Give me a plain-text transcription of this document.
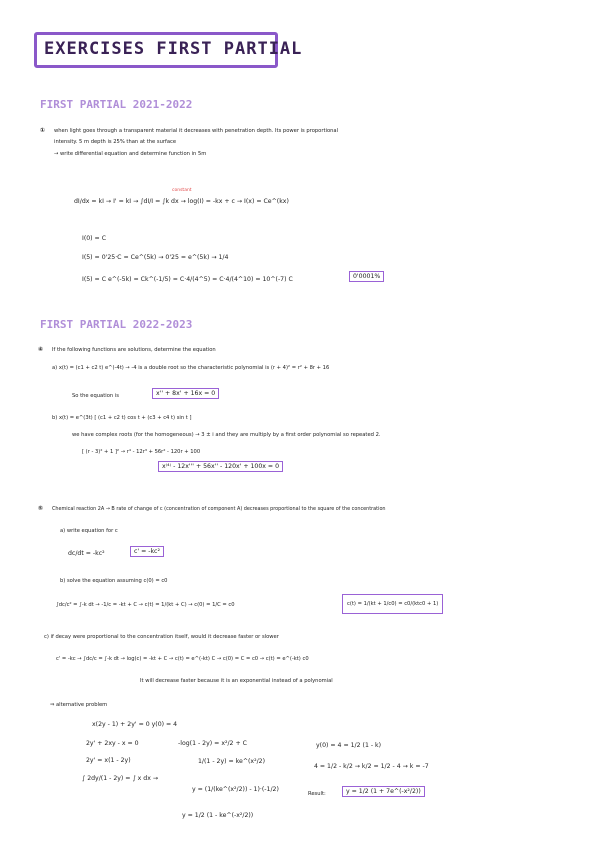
EXERCISES FIRST PARTIAL
FIRST PARTIAL 2021-2022
① when light goes through a transparent material it decreases with penetration depth. Its power is proportional
intensity. 5 m depth is 25% than at the surface
→ write differential equation and determine function in 5m
constant
dI/dx = kI → I' = kI → ∫dI/I = ∫k dx → log(I) = -kx + c → I(x) = Ce^(kx)
I(0) = C
I(5) = 0'25·C = Ce^(5k) → 0'25 = e^(5k) → 1/4
I(5) = C e^(-5k) = Ck^(-1/5) = C·4/(4^5) = C·4/(4^10) = 10^(-7) C	0'0001%
FIRST PARTIAL 2022-2023
④ If the following functions are solutions, determine the equation
a) x(t) = (c1 + c2 t) e^(-4t) → -4 is a double root so the characteristic polynomial is (r + 4)² = r² + 8r + 16
So the equation is	x'' + 8x' + 16x = 0
b) x(t) = e^(3t) [ (c1 + c2 t) cos t + (c3 + c4 t) sin t ]
we have complex roots (for the homogeneous) → 3 ± i and they are multiply by a first order polynomial so repeated 2.
[ (r - 3)² + 1 ]² → r⁴ - 12r³ + 56r² - 120r + 100
x⁽⁴⁾ - 12x''' + 56x'' - 120x' + 100x = 0
⑤ Chemical reaction 2A → B rate of change of c (concentration of component A) decreases proportional to the square of the concentration
a) write equation for c
dc/dt = -kc²	c' = -kc²
b) solve the equation assuming c(0) = c0
∫dc/c² = ∫-k dt → -1/c = -kt + C → c(t) = 1/(kt + C) → c(0) = 1/C = c0	c(t) = 1/(kt + 1/c0) = c0/(ktc0 + 1)
c) if decay were proportional to the concentration itself, would it decrease faster or slower
c' = -kc → ∫dc/c = ∫-k dt → log(c) = -kt + C → c(t) = e^(-kt) C → c(0) = C = c0 → c(t) = e^(-kt) c0
It will decrease faster because it is an exponential instead of a polynomial
⇒ alternative problem
x(2y - 1) + 2y' = 0 y(0) = 4
2y' + 2xy - x = 0
2y' = x(1 - 2y)
∫ 2dy/(1 - 2y) = ∫ x dx →
-log(1 - 2y) = x²/2 + C
1/(1 - 2y) = ke^(x²/2)
y = (1/(ke^(x²/2)) - 1)·(-1/2)
y = 1/2 (1 - ke^(-x²/2))
y(0) = 4 = 1/2 (1 - k)
4 = 1/2 - k/2 → k/2 = 1/2 - 4 → k = -7
Result:	y = 1/2 (1 + 7e^(-x²/2))
